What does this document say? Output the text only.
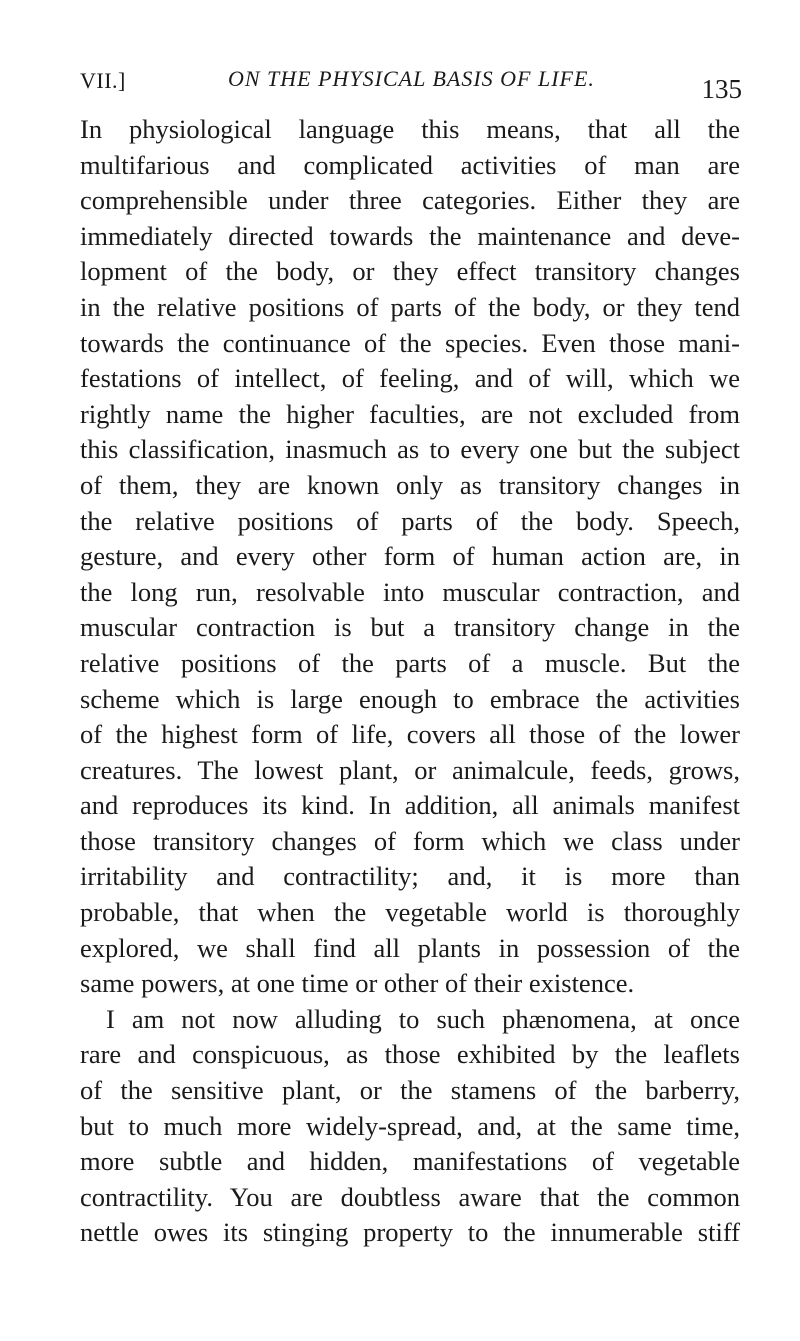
VII.]	ON THE PHYSICAL BASIS OF LIFE.	135
In physiological language this means, that all the
multifarious and complicated activities of man are
comprehensible under three categories. Either they are
immediately directed towards the maintenance and deve-
lopment of the body, or they effect transitory changes
in the relative positions of parts of the body, or they tend
towards the continuance of the species. Even those mani-
festations of intellect, of feeling, and of will, which we
rightly name the higher faculties, are not excluded from
this classification, inasmuch as to every one but the subject
of them, they are known only as transitory changes in
the relative positions of parts of the body. Speech,
gesture, and every other form of human action are, in
the long run, resolvable into muscular contraction, and
muscular contraction is but a transitory change in the
relative positions of the parts of a muscle. But the
scheme which is large enough to embrace the activities
of the highest form of life, covers all those of the lower
creatures. The lowest plant, or animalcule, feeds, grows,
and reproduces its kind. In addition, all animals manifest
those transitory changes of form which we class under
irritability and contractility; and, it is more than
probable, that when the vegetable world is thoroughly
explored, we shall find all plants in possession of the
same powers, at one time or other of their existence.
I am not now alluding to such phænomena, at once
rare and conspicuous, as those exhibited by the leaflets
of the sensitive plant, or the stamens of the barberry,
but to much more widely-spread, and, at the same time,
more subtle and hidden, manifestations of vegetable
contractility. You are doubtless aware that the common
nettle owes its stinging property to the innumerable stiff
